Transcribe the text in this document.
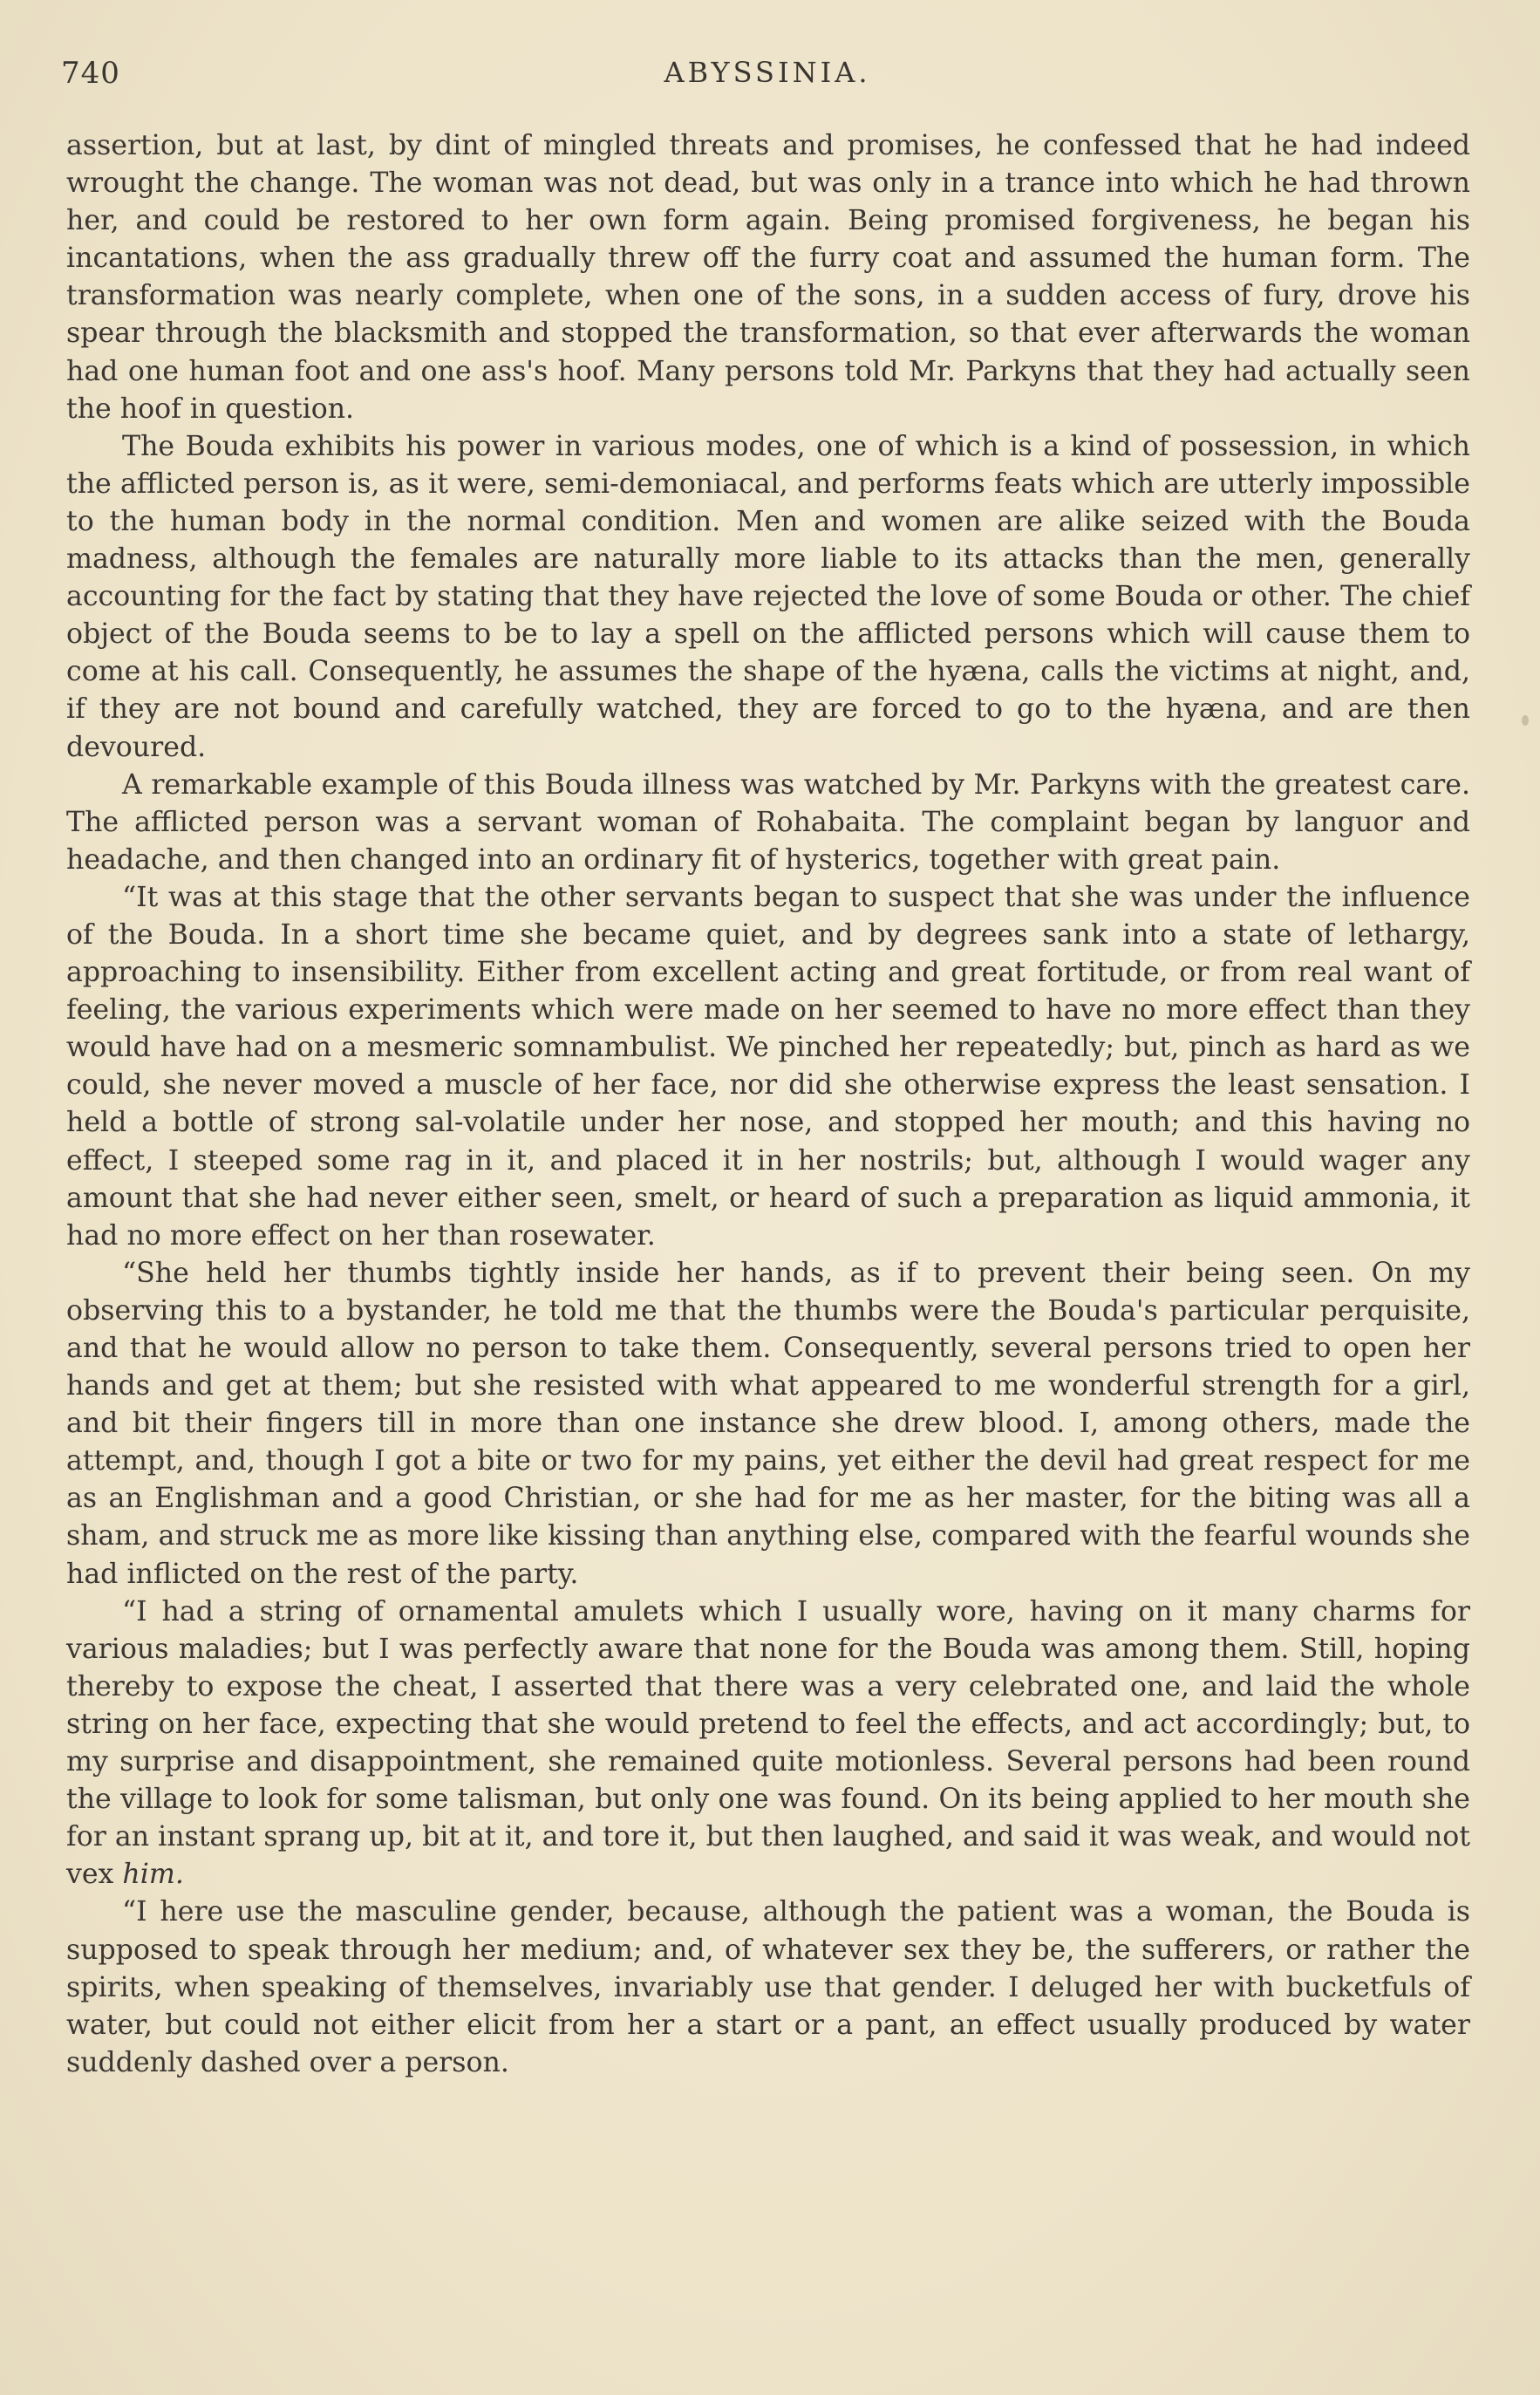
740	ABYSSINIA.

assertion, but at last, by dint of mingled threats and promises, he confessed that he had indeed wrought the change. The woman was not dead, but was only in a trance into which he had thrown her, and could be restored to her own form again. Being promised forgiveness, he began his incantations, when the ass gradually threw off the furry coat and assumed the human form. The transformation was nearly complete, when one of the sons, in a sudden access of fury, drove his spear through the blacksmith and stopped the transformation, so that ever afterwards the woman had one human foot and one ass's hoof. Many persons told Mr. Parkyns that they had actually seen the hoof in question.

The Bouda exhibits his power in various modes, one of which is a kind of possession, in which the afflicted person is, as it were, semi-demoniacal, and performs feats which are utterly impossible to the human body in the normal condition. Men and women are alike seized with the Bouda madness, although the females are naturally more liable to its attacks than the men, generally accounting for the fact by stating that they have rejected the love of some Bouda or other. The chief object of the Bouda seems to be to lay a spell on the afflicted persons which will cause them to come at his call. Consequently, he assumes the shape of the hyæna, calls the victims at night, and, if they are not bound and carefully watched, they are forced to go to the hyæna, and are then devoured.

A remarkable example of this Bouda illness was watched by Mr. Parkyns with the greatest care. The afflicted person was a servant woman of Rohabaita. The complaint began by languor and headache, and then changed into an ordinary fit of hysterics, together with great pain.

“It was at this stage that the other servants began to suspect that she was under the influence of the Bouda. In a short time she became quiet, and by degrees sank into a state of lethargy, approaching to insensibility. Either from excellent acting and great fortitude, or from real want of feeling, the various experiments which were made on her seemed to have no more effect than they would have had on a mesmeric somnambulist. We pinched her repeatedly; but, pinch as hard as we could, she never moved a muscle of her face, nor did she otherwise express the least sensation. I held a bottle of strong sal-volatile under her nose, and stopped her mouth; and this having no effect, I steeped some rag in it, and placed it in her nostrils; but, although I would wager any amount that she had never either seen, smelt, or heard of such a preparation as liquid ammonia, it had no more effect on her than rosewater.

“She held her thumbs tightly inside her hands, as if to prevent their being seen. On my observing this to a bystander, he told me that the thumbs were the Bouda's particular perquisite, and that he would allow no person to take them. Consequently, several persons tried to open her hands and get at them; but she resisted with what appeared to me wonderful strength for a girl, and bit their fingers till in more than one instance she drew blood. I, among others, made the attempt, and, though I got a bite or two for my pains, yet either the devil had great respect for me as an Englishman and a good Christian, or she had for me as her master, for the biting was all a sham, and struck me as more like kissing than anything else, compared with the fearful wounds she had inflicted on the rest of the party.

“I had a string of ornamental amulets which I usually wore, having on it many charms for various maladies; but I was perfectly aware that none for the Bouda was among them. Still, hoping thereby to expose the cheat, I asserted that there was a very celebrated one, and laid the whole string on her face, expecting that she would pretend to feel the effects, and act accordingly; but, to my surprise and disappointment, she remained quite motionless. Several persons had been round the village to look for some talisman, but only one was found. On its being applied to her mouth she for an instant sprang up, bit at it, and tore it, but then laughed, and said it was weak, and would not vex him.

“I here use the masculine gender, because, although the patient was a woman, the Bouda is supposed to speak through her medium; and, of whatever sex they be, the sufferers, or rather the spirits, when speaking of themselves, invariably use that gender. I deluged her with bucketfuls of water, but could not either elicit from her a start or a pant, an effect usually produced by water suddenly dashed over a person.
